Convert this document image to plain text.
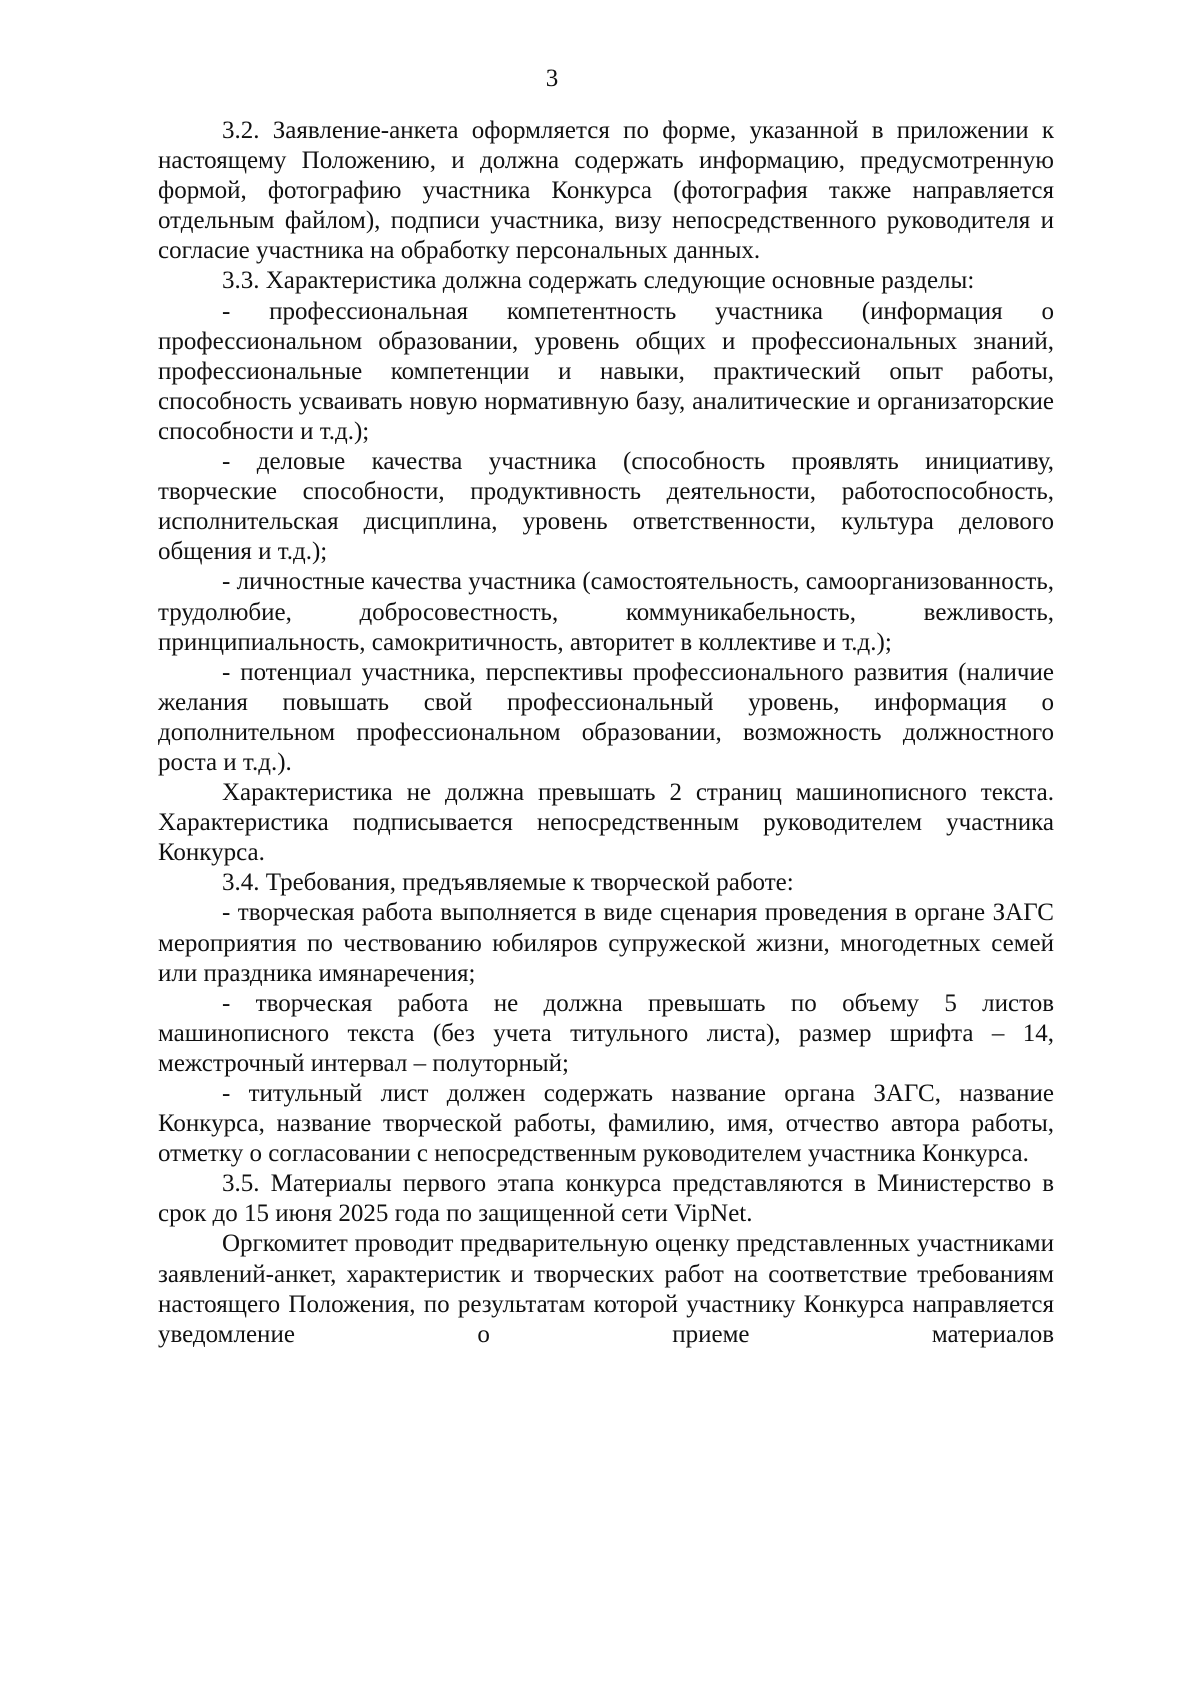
3

3.2. Заявление-анкета оформляется по форме, указанной в приложении к настоящему Положению, и должна содержать информацию, предусмотренную формой, фотографию участника Конкурса (фотография также направляется отдельным файлом), подписи участника, визу непосредственного руководителя и согласие участника на обработку персональных данных.

3.3. Характеристика должна содержать следующие основные разделы:

- профессиональная компетентность участника (информация о профессиональном образовании, уровень общих и профессиональных знаний, профессиональные компетенции и навыки, практический опыт работы, способность усваивать новую нормативную базу, аналитические и организаторские способности и т.д.);

- деловые качества участника (способность проявлять инициативу, творческие способности, продуктивность деятельности, работоспособность, исполнительская дисциплина, уровень ответственности, культура делового общения и т.д.);

- личностные качества участника (самостоятельность, самоорганизованность, трудолюбие, добросовестность, коммуникабельность, вежливость, принципиальность, самокритичность, авторитет в коллективе и т.д.);

- потенциал участника, перспективы профессионального развития (наличие желания повышать свой профессиональный уровень, информация о дополнительном профессиональном образовании, возможность должностного роста и т.д.).

Характеристика не должна превышать 2 страниц машинописного текста. Характеристика подписывается непосредственным руководителем участника Конкурса.

3.4. Требования, предъявляемые к творческой работе:

- творческая работа выполняется в виде сценария проведения в органе ЗАГС мероприятия по чествованию юбиляров супружеской жизни, многодетных семей или праздника имянаречения;

- творческая работа не должна превышать по объему 5 листов машинописного текста (без учета титульного листа), размер шрифта – 14, межстрочный интервал – полуторный;

- титульный лист должен содержать название органа ЗАГС, название Конкурса, название творческой работы, фамилию, имя, отчество автора работы, отметку о согласовании с непосредственным руководителем участника Конкурса.

3.5. Материалы первого этапа конкурса представляются в Министерство в срок до 15 июня 2025 года по защищенной сети VipNet.

Оргкомитет проводит предварительную оценку представленных участниками заявлений-анкет, характеристик и творческих работ на соответствие требованиям настоящего Положения, по результатам которой участнику Конкурса направляется уведомление о приеме материалов
